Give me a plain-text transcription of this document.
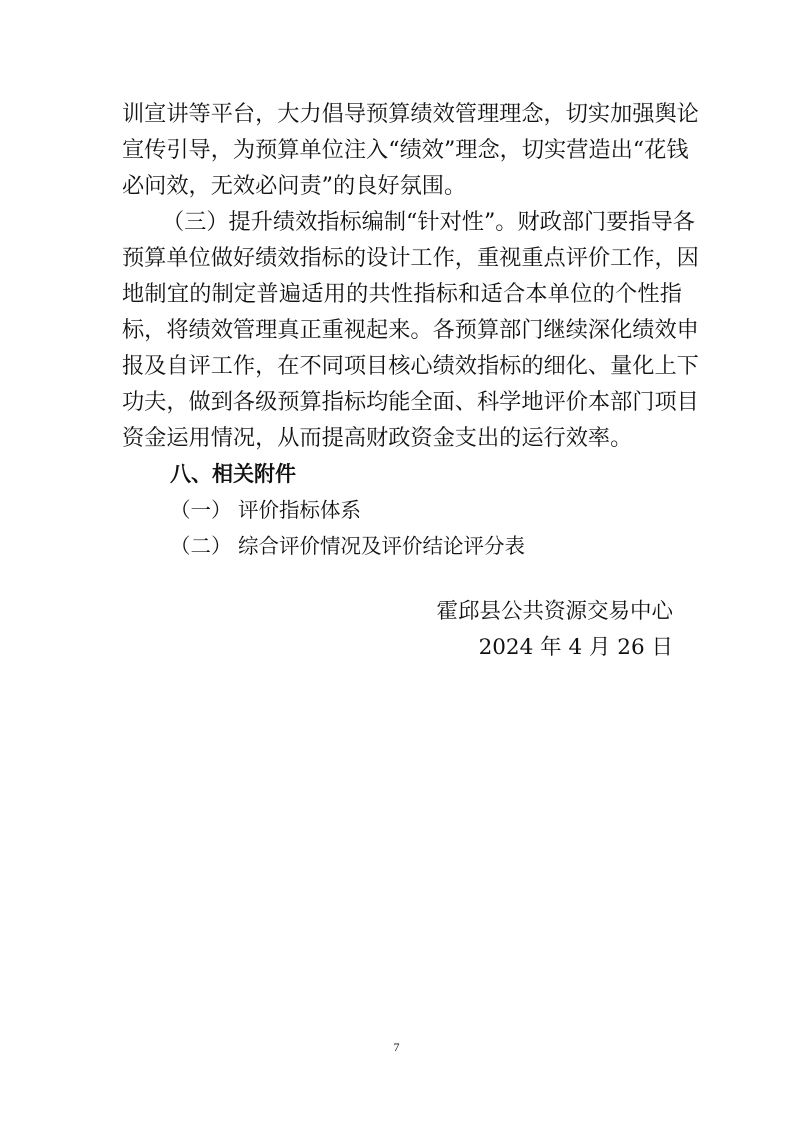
训宣讲等平台，大力倡导预算绩效管理理念，切实加强舆论
宣传引导，为预算单位注入“绩效”理念，切实营造出“花钱
必问效，无效必问责”的良好氛围。
（三）提升绩效指标编制“针对性”。财政部门要指导各
预算单位做好绩效指标的设计工作，重视重点评价工作，因
地制宜的制定普遍适用的共性指标和适合本单位的个性指
标，将绩效管理真正重视起来。各预算部门继续深化绩效申
报及自评工作，在不同项目核心绩效指标的细化、量化上下
功夫，做到各级预算指标均能全面、科学地评价本部门项目
资金运用情况，从而提高财政资金支出的运行效率。
八、相关附件
（一） 评价指标体系
（二） 综合评价情况及评价结论评分表
霍邱县公共资源交易中心
2024 年 4 月 26 日
7
